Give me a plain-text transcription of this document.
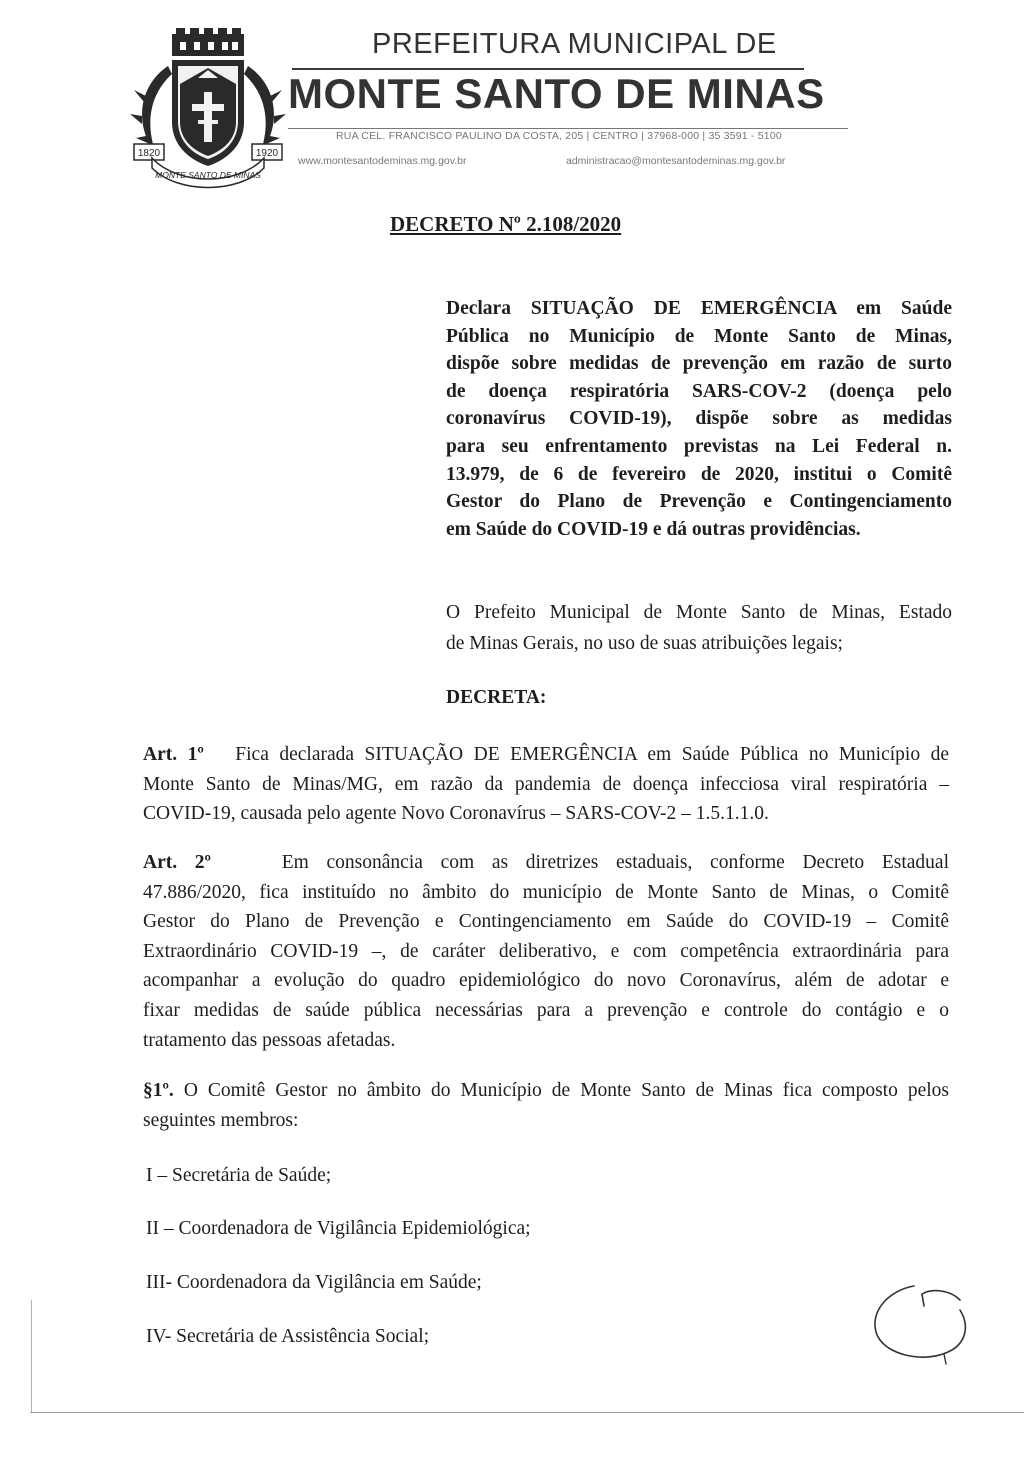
1820	1920
MONTE SANTO DE MINAS
PREFEITURA MUNICIPAL DE
MONTE SANTO DE MINAS
RUA CEL. FRANCISCO PAULINO DA COSTA, 205 | CENTRO | 37968-000 | 35 3591 - 5100
www.montesantodeminas.mg.gov.br	administracao@montesantodeminas.mg.gov.br
DECRETO Nº 2.108/2020
Declara SITUAÇÃO DE EMERGÊNCIA em Saúde
Pública no Município de Monte Santo de Minas,
dispõe sobre medidas de prevenção em razão de surto
de doença respiratória SARS-COV-2 (doença pelo
coronavírus COVID-19), dispõe sobre as medidas
para seu enfrentamento previstas na Lei Federal n.
13.979, de 6 de fevereiro de 2020, institui o Comitê
Gestor do Plano de Prevenção e Contingenciamento
em Saúde do COVID-19 e dá outras providências.
O Prefeito Municipal de Monte Santo de Minas, Estado
de Minas Gerais, no uso de suas atribuições legais;
DECRETA:
Art. 1º Fica declarada SITUAÇÃO DE EMERGÊNCIA em Saúde Pública no Município de
Monte Santo de Minas/MG, em razão da pandemia de doença infecciosa viral respiratória –
COVID-19, causada pelo agente Novo Coronavírus – SARS-COV-2 – 1.5.1.1.0.
Art. 2º	Em consonância com as diretrizes estaduais, conforme Decreto Estadual
47.886/2020, fica instituído no âmbito do município de Monte Santo de Minas, o Comitê
Gestor do Plano de Prevenção e Contingenciamento em Saúde do COVID-19 – Comitê
Extraordinário COVID-19 –, de caráter deliberativo, e com competência extraordinária para
acompanhar a evolução do quadro epidemiológico do novo Coronavírus, além de adotar e
fixar medidas de saúde pública necessárias para a prevenção e controle do contágio e o
tratamento das pessoas afetadas.
§1º. O Comitê Gestor no âmbito do Município de Monte Santo de Minas fica composto pelos
seguintes membros:
I – Secretária de Saúde;
II – Coordenadora de Vigilância Epidemiológica;
III- Coordenadora da Vigilância em Saúde;
IV- Secretária de Assistência Social;
